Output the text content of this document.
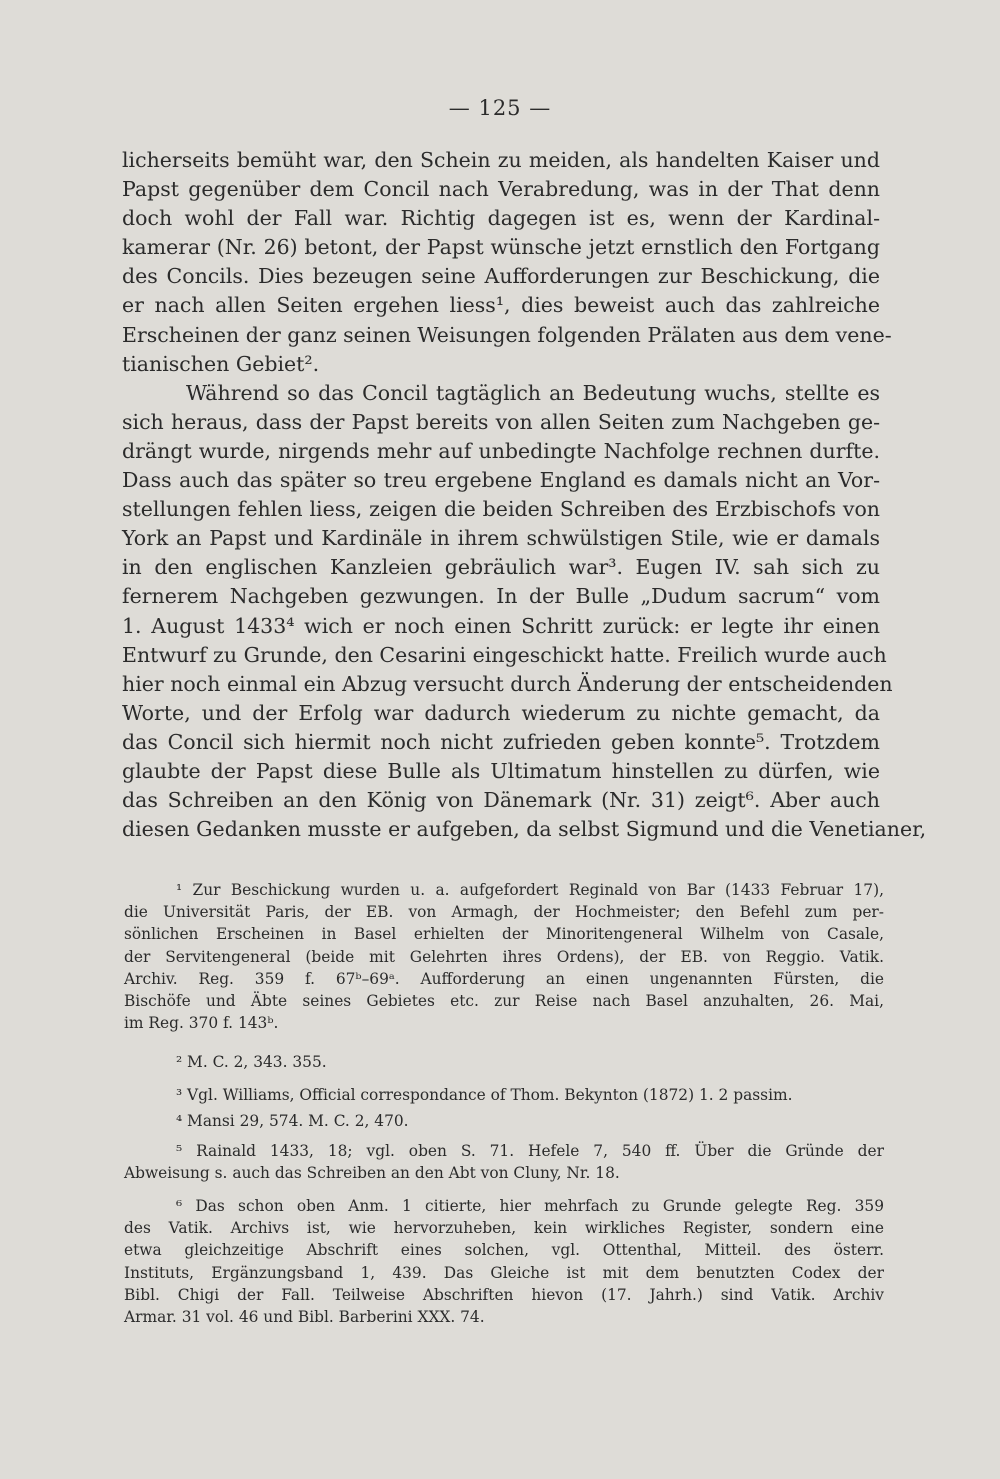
— 125 —
licherseits bemüht war, den Schein zu meiden, als handelten Kaiser und
Papst gegenüber dem Concil nach Verabredung, was in der That denn
doch wohl der Fall war. Richtig dagegen ist es, wenn der Kardinal-
kamerar (Nr. 26) betont, der Papst wünsche jetzt ernstlich den Fortgang
des Concils. Dies bezeugen seine Aufforderungen zur Beschickung, die
er nach allen Seiten ergehen liess¹, dies beweist auch das zahlreiche
Erscheinen der ganz seinen Weisungen folgenden Prälaten aus dem vene-
tianischen Gebiet².
Während so das Concil tagtäglich an Bedeutung wuchs, stellte es
sich heraus, dass der Papst bereits von allen Seiten zum Nachgeben ge-
drängt wurde, nirgends mehr auf unbedingte Nachfolge rechnen durfte.
Dass auch das später so treu ergebene England es damals nicht an Vor-
stellungen fehlen liess, zeigen die beiden Schreiben des Erzbischofs von
York an Papst und Kardinäle in ihrem schwülstigen Stile, wie er damals
in den englischen Kanzleien gebräulich war³. Eugen IV. sah sich zu
fernerem Nachgeben gezwungen. In der Bulle „Dudum sacrum“ vom
1. August 1433⁴ wich er noch einen Schritt zurück: er legte ihr einen
Entwurf zu Grunde, den Cesarini eingeschickt hatte. Freilich wurde auch
hier noch einmal ein Abzug versucht durch Änderung der entscheidenden
Worte, und der Erfolg war dadurch wiederum zu nichte gemacht, da
das Concil sich hiermit noch nicht zufrieden geben konnte⁵. Trotzdem
glaubte der Papst diese Bulle als Ultimatum hinstellen zu dürfen, wie
das Schreiben an den König von Dänemark (Nr. 31) zeigt⁶. Aber auch
diesen Gedanken musste er aufgeben, da selbst Sigmund und die Venetianer,
¹ Zur Beschickung wurden u. a. aufgefordert Reginald von Bar (1433 Februar 17),
die Universität Paris, der EB. von Armagh, der Hochmeister; den Befehl zum per-
sönlichen Erscheinen in Basel erhielten der Minoritengeneral Wilhelm von Casale,
der Servitengeneral (beide mit Gelehrten ihres Ordens), der EB. von Reggio. Vatik.
Archiv. Reg. 359 f. 67ᵇ–69ᵃ. Aufforderung an einen ungenannten Fürsten, die
Bischöfe und Äbte seines Gebietes etc. zur Reise nach Basel anzuhalten, 26. Mai,
im Reg. 370 f. 143ᵇ.
² M. C. 2, 343. 355.
³ Vgl. Williams, Official correspondance of Thom. Bekynton (1872) 1. 2 passim.
⁴ Mansi 29, 574. M. C. 2, 470.
⁵ Rainald 1433, 18; vgl. oben S. 71. Hefele 7, 540 ff. Über die Gründe der
Abweisung s. auch das Schreiben an den Abt von Cluny, Nr. 18.
⁶ Das schon oben Anm. 1 citierte, hier mehrfach zu Grunde gelegte Reg. 359
des Vatik. Archivs ist, wie hervorzuheben, kein wirkliches Register, sondern eine
etwa gleichzeitige Abschrift eines solchen, vgl. Ottenthal, Mitteil. des österr.
Instituts, Ergänzungsband 1, 439. Das Gleiche ist mit dem benutzten Codex der
Bibl. Chigi der Fall. Teilweise Abschriften hievon (17. Jahrh.) sind Vatik. Archiv
Armar. 31 vol. 46 und Bibl. Barberini XXX. 74.
